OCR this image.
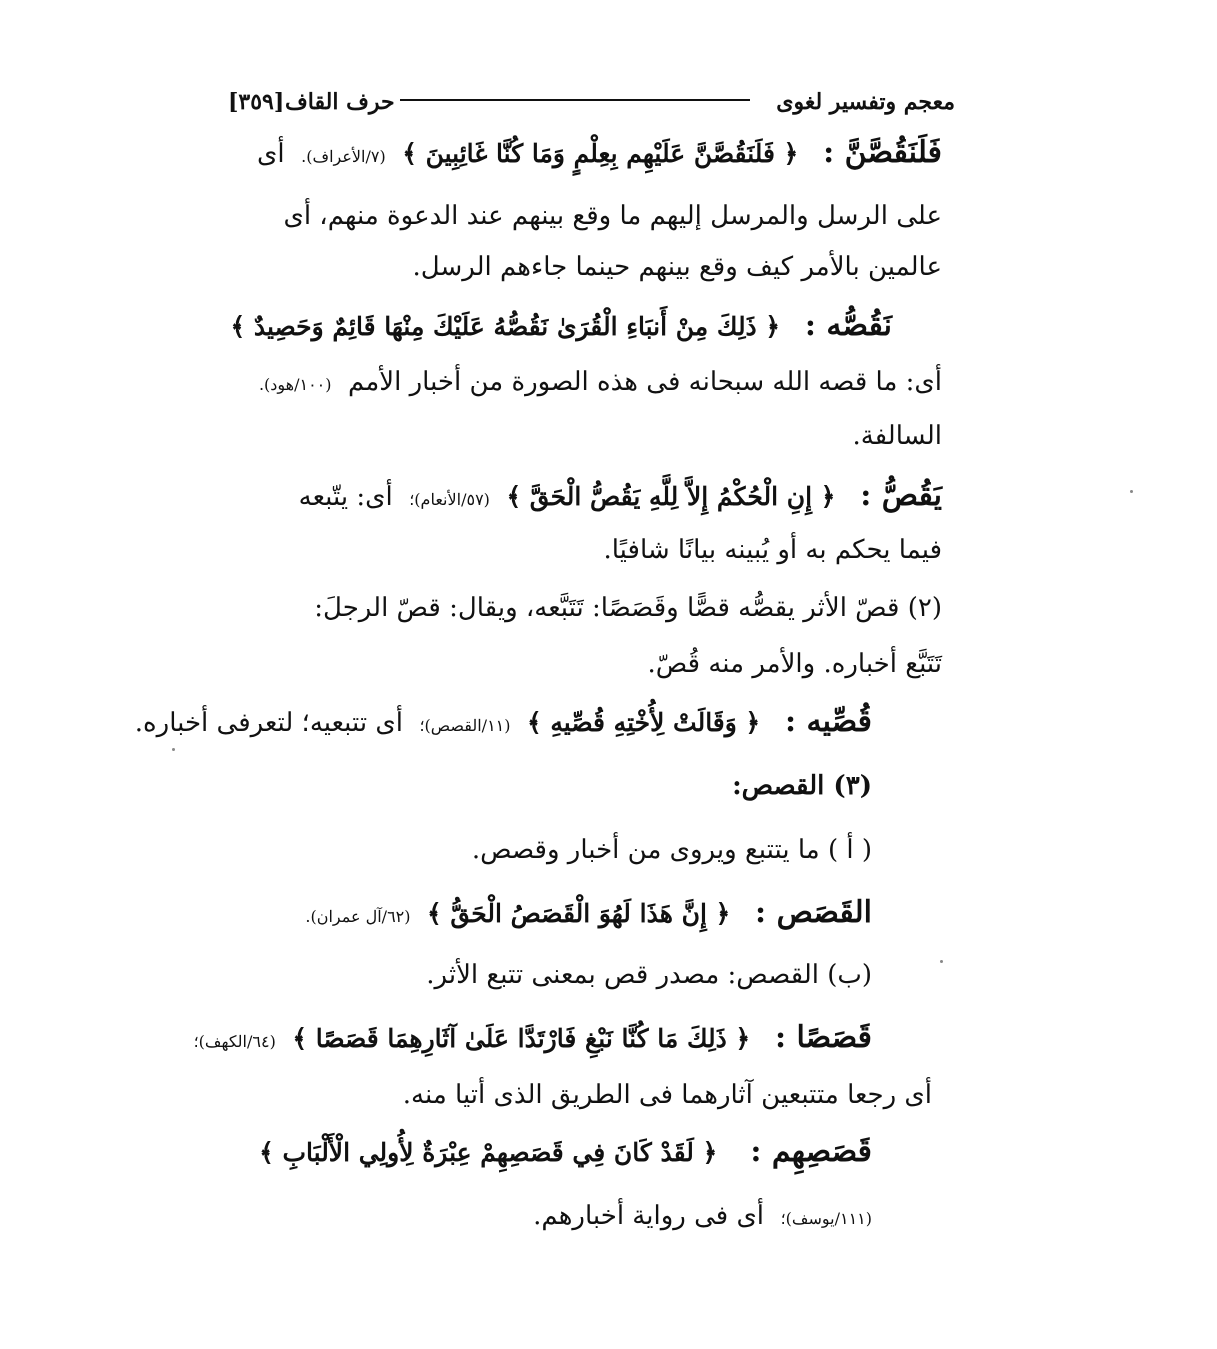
معجم وتفسير لغوى
حرف القاف
[٣٥٩]
فَلَنَقُصَّنَّ :   ﴿ فَلَنَقُصَّنَّ عَلَيْهِم بِعِلْمٍ وَمَا كُنَّا غَائِبِينَ ﴾  (٧/الأعراف).  أى
على الرسل والمرسل إليهم ما وقع بينهم عند الدعوة منهم، أى
عالمين بالأمر كيف وقع بينهم حينما جاءهم الرسل.
نَقُصُّه :   ﴿ ذَلِكَ مِنْ أَنبَاءِ الْقُرَىٰ نَقُصُّهُ عَلَيْكَ مِنْهَا قَائِمٌ وَحَصِيدٌ ﴾
أى: ما قصه الله سبحانه فى هذه الصورة من أخبار الأمم  (١٠٠/هود).
السالفة.
يَقُصُّ :   ﴿ إِنِ الْحُكْمُ إِلاَّ لِلَّهِ يَقُصُّ الْحَقَّ ﴾  (٥٧/الأنعام)؛  أى: يتّبعه
فيما يحكم به أو يُبينه بيانًا شافيًا.
(٢) قصّ الأثر يقصُّه قصًّا وقَصَصًا: تَتَبَّعه، ويقال: قصّ الرجلَ:
تَتَبَّع أخباره. والأمر منه قُصّ.
قُصِّيه :   ﴿ وَقَالَتْ لِأُخْتِهِ قُصِّيهِ ﴾  (١١/القصص)؛  أى تتبعيه؛ لتعرفى أخباره.
(٣) القصص:
( أ ) ما يتتبع ويروى من أخبار وقصص.
القَصَص :   ﴿ إِنَّ هَذَا لَهُوَ الْقَصَصُ الْحَقُّ ﴾  (٦٢/آل عمران).
(ب) القصص: مصدر قص بمعنى تتبع الأثر.
قَصَصًا :   ﴿ ذَلِكَ مَا كُنَّا نَبْغِ فَارْتَدَّا عَلَىٰ آثَارِهِمَا قَصَصًا ﴾  (٦٤/الكهف)؛
أى رجعا متتبعين آثارهما فى الطريق الذى أتيا منه.
قَصَصِهِم :    ﴿ لَقَدْ كَانَ فِي قَصَصِهِمْ عِبْرَةٌ لِأُولِي الْأَلْبَابِ ﴾
(١١١/يوسف)؛  أى فى رواية أخبارهم.
